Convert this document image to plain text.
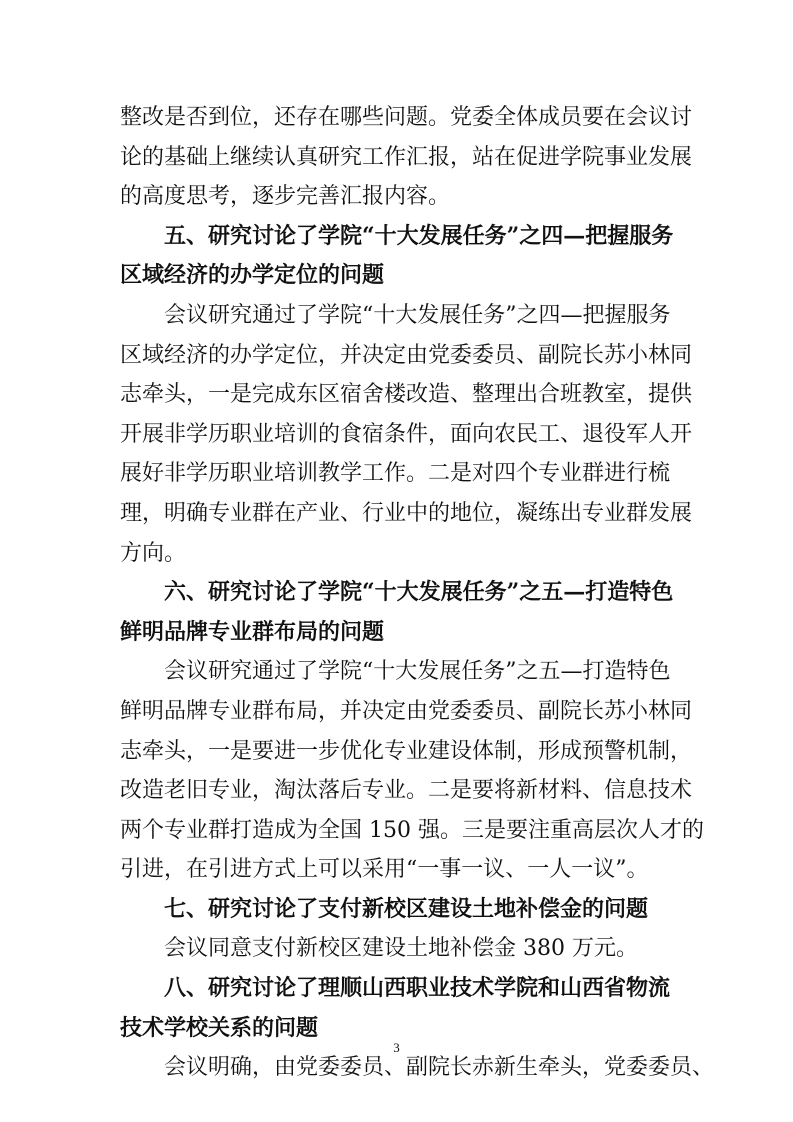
整改是否到位，还存在哪些问题。党委全体成员要在会议讨
论的基础上继续认真研究工作汇报，站在促进学院事业发展
的高度思考，逐步完善汇报内容。
五、研究讨论了学院“十大发展任务”之四—把握服务
区域经济的办学定位的问题
会议研究通过了学院“十大发展任务”之四—把握服务
区域经济的办学定位，并决定由党委委员、副院长苏小林同
志牵头，一是完成东区宿舍楼改造、整理出合班教室，提供
开展非学历职业培训的食宿条件，面向农民工、退役军人开
展好非学历职业培训教学工作。二是对四个专业群进行梳
理，明确专业群在产业、行业中的地位，凝练出专业群发展
方向。
六、研究讨论了学院“十大发展任务”之五—打造特色
鲜明品牌专业群布局的问题
会议研究通过了学院“十大发展任务”之五—打造特色
鲜明品牌专业群布局，并决定由党委委员、副院长苏小林同
志牵头，一是要进一步优化专业建设体制，形成预警机制，
改造老旧专业，淘汰落后专业。二是要将新材料、信息技术
两个专业群打造成为全国 150 强。三是要注重高层次人才的
引进，在引进方式上可以采用“一事一议、一人一议”。
七、研究讨论了支付新校区建设土地补偿金的问题
会议同意支付新校区建设土地补偿金 380 万元。
八、研究讨论了理顺山西职业技术学院和山西省物流
技术学校关系的问题
会议明确，由党委委员、副院长赤新生牵头，党委委员、
3
